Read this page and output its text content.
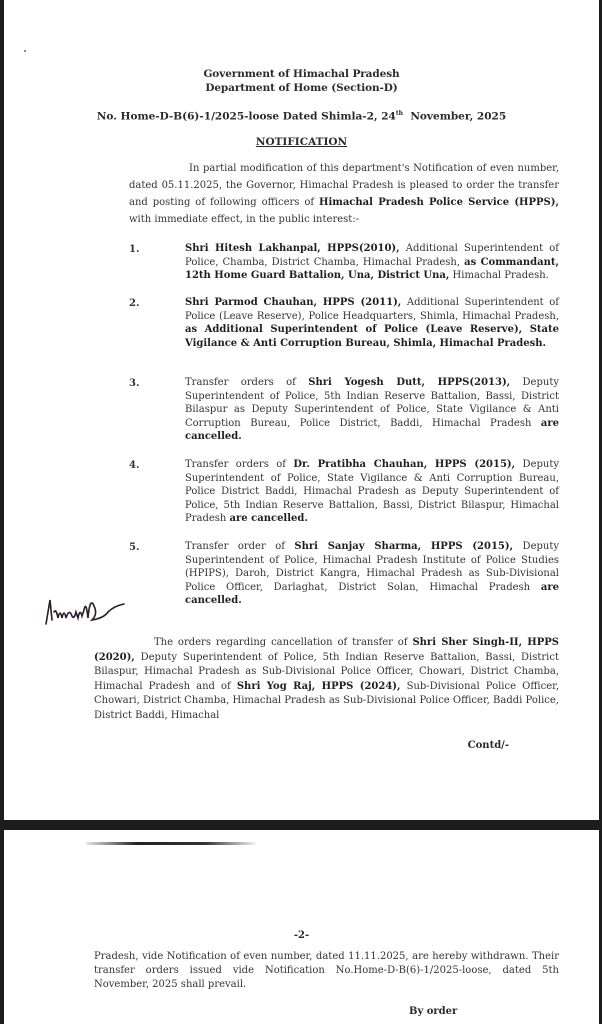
Government of Himachal Pradesh
Department of Home (Section-D)
No. Home-D-B(6)-1/2025-loose Dated Shimla-2, 24th November, 2025
NOTIFICATION
In partial modification of this department's Notification of even number, dated 05.11.2025, the Governor, Himachal Pradesh is pleased to order the transfer and posting of following officers of Himachal Pradesh Police Service (HPPS), with immediate effect, in the public interest:-
1.	Shri Hitesh Lakhanpal, HPPS(2010), Additional Superintendent of Police, Chamba, District Chamba, Himachal Pradesh, as Commandant, 12th Home Guard Battalion, Una, District Una, Himachal Pradesh.
2.	Shri Parmod Chauhan, HPPS (2011), Additional Superintendent of Police (Leave Reserve), Police Headquarters, Shimla, Himachal Pradesh, as Additional Superintendent of Police (Leave Reserve), State Vigilance & Anti Corruption Bureau, Shimla, Himachal Pradesh.
3.	Transfer orders of Shri Yogesh Dutt, HPPS(2013), Deputy Superintendent of Police, 5th Indian Reserve Battalion, Bassi, District Bilaspur as Deputy Superintendent of Police, State Vigilance & Anti Corruption Bureau, Police District, Baddi, Himachal Pradesh are cancelled.
4.	Transfer orders of Dr. Pratibha Chauhan, HPPS (2015), Deputy Superintendent of Police, State Vigilance & Anti Corruption Bureau, Police District Baddi, Himachal Pradesh as Deputy Superintendent of Police, 5th Indian Reserve Battalion, Bassi, District Bilaspur, Himachal Pradesh are cancelled.
5.	Transfer order of Shri Sanjay Sharma, HPPS (2015), Deputy Superintendent of Police, Himachal Pradesh Institute of Police Studies (HPIPS), Daroh, District Kangra, Himachal Pradesh as Sub-Divisional Police Officer, Darlaghat, District Solan, Himachal Pradesh are cancelled.
The orders regarding cancellation of transfer of Shri Sher Singh-II, HPPS (2020), Deputy Superintendent of Police, 5th Indian Reserve Battalion, Bassi, District Bilaspur, Himachal Pradesh as Sub-Divisional Police Officer, Chowari, District Chamba, Himachal Pradesh and of Shri Yog Raj, HPPS (2024), Sub-Divisional Police Officer, Chowari, District Chamba, Himachal Pradesh as Sub-Divisional Police Officer, Baddi Police, District Baddi, Himachal
Contd/-
-2-
Pradesh, vide Notification of even number, dated 11.11.2025, are hereby withdrawn. Their transfer orders issued vide Notification No.Home-D-B(6)-1/2025-loose, dated 5th November, 2025 shall prevail.
By order
